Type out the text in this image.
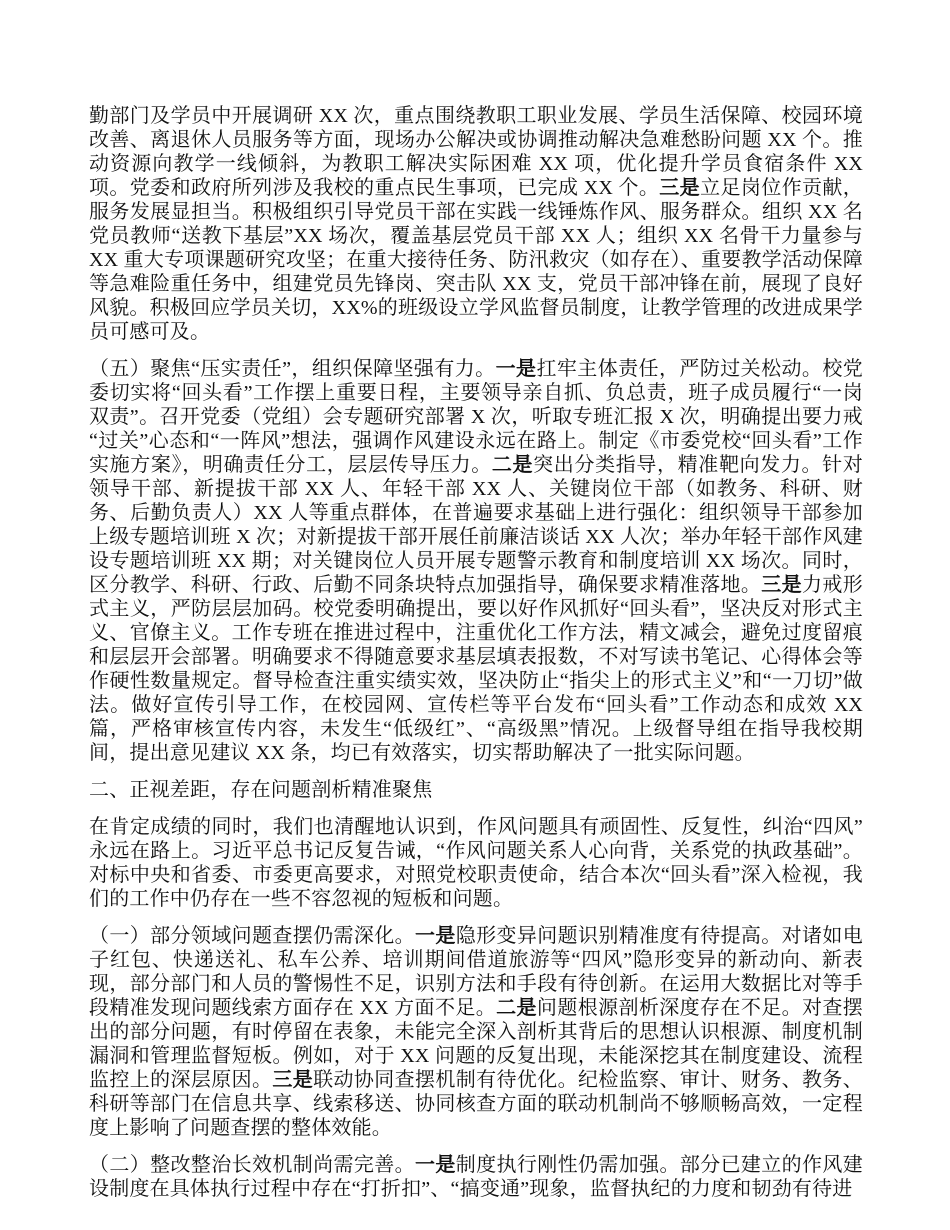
勤部门及学员中开展调研 XX 次，重点围绕教职工职业发展、学员生活保障、校园环境改善、离退休人员服务等方面，现场办公解决或协调推动解决急难愁盼问题 XX 个。推动资源向教学一线倾斜，为教职工解决实际困难 XX 项，优化提升学员食宿条件 XX 项。党委和政府所列涉及我校的重点民生事项，已完成 XX 个。三是立足岗位作贡献，服务发展显担当。积极组织引导党员干部在实践一线锤炼作风、服务群众。组织 XX 名党员教师“送教下基层”XX 场次，覆盖基层党员干部 XX 人；组织 XX 名骨干力量参与 XX 重大专项课题研究攻坚；在重大接待任务、防汛救灾（如存在）、重要教学活动保障等急难险重任务中，组建党员先锋岗、突击队 XX 支，党员干部冲锋在前，展现了良好风貌。积极回应学员关切，XX%的班级设立学风监督员制度，让教学管理的改进成果学员可感可及。

（五）聚焦“压实责任”，组织保障坚强有力。一是扛牢主体责任，严防过关松动。校党委切实将“回头看”工作摆上重要日程，主要领导亲自抓、负总责，班子成员履行“一岗双责”。召开党委（党组）会专题研究部署 X 次，听取专班汇报 X 次，明确提出要力戒“过关”心态和“一阵风”想法，强调作风建设永远在路上。制定《市委党校“回头看”工作实施方案》，明确责任分工，层层传导压力。二是突出分类指导，精准靶向发力。针对领导干部、新提拔干部 XX 人、年轻干部 XX 人、关键岗位干部（如教务、科研、财务、后勤负责人）XX 人等重点群体，在普遍要求基础上进行强化：组织领导干部参加上级专题培训班 X 次；对新提拔干部开展任前廉洁谈话 XX 人次；举办年轻干部作风建设专题培训班 XX 期；对关键岗位人员开展专题警示教育和制度培训 XX 场次。同时，区分教学、科研、行政、后勤不同条块特点加强指导，确保要求精准落地。三是力戒形式主义，严防层层加码。校党委明确提出，要以好作风抓好“回头看”，坚决反对形式主义、官僚主义。工作专班在推进过程中，注重优化工作方法，精文减会，避免过度留痕和层层开会部署。明确要求不得随意要求基层填表报数，不对写读书笔记、心得体会等作硬性数量规定。督导检查注重实绩实效，坚决防止“指尖上的形式主义”和“一刀切”做法。做好宣传引导工作，在校园网、宣传栏等平台发布“回头看”工作动态和成效 XX 篇，严格审核宣传内容，未发生“低级红”、“高级黑”情况。上级督导组在指导我校期间，提出意见建议 XX 条，均已有效落实，切实帮助解决了一批实际问题。

二、正视差距，存在问题剖析精准聚焦

在肯定成绩的同时，我们也清醒地认识到，作风问题具有顽固性、反复性，纠治“四风”永远在路上。习近平总书记反复告诫，“作风问题关系人心向背，关系党的执政基础”。对标中央和省委、市委更高要求，对照党校职责使命，结合本次“回头看”深入检视，我们的工作中仍存在一些不容忽视的短板和问题。

（一）部分领域问题查摆仍需深化。一是隐形变异问题识别精准度有待提高。对诸如电子红包、快递送礼、私车公养、培训期间借道旅游等“四风”隐形变异的新动向、新表现，部分部门和人员的警惕性不足，识别方法和手段有待创新。在运用大数据比对等手段精准发现问题线索方面存在 XX 方面不足。二是问题根源剖析深度存在不足。对查摆出的部分问题，有时停留在表象，未能完全深入剖析其背后的思想认识根源、制度机制漏洞和管理监督短板。例如，对于 XX 问题的反复出现，未能深挖其在制度建设、流程监控上的深层原因。三是联动协同查摆机制有待优化。纪检监察、审计、财务、教务、科研等部门在信息共享、线索移送、协同核查方面的联动机制尚不够顺畅高效，一定程度上影响了问题查摆的整体效能。

（二）整改整治长效机制尚需完善。一是制度执行刚性仍需加强。部分已建立的作风建设制度在具体执行过程中存在“打折扣”、“搞变通”现象，监督执纪的力度和韧劲有待进
